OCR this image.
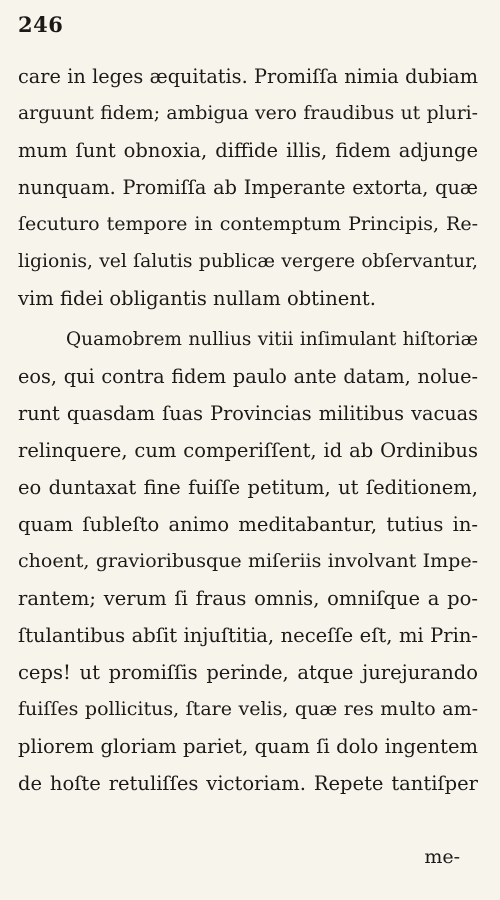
246
care in leges æquitatis. Promiſſa nimia dubiam
arguunt fidem; ambigua vero fraudibus ut pluri-
mum ſunt obnoxia, diffide illis, fidem adjunge
nunquam. Promiſſa ab Imperante extorta, quæ
ſecuturo tempore in contemptum Principis, Re-
ligionis, vel ſalutis publicæ vergere obſervantur,
vim fidei obligantis nullam obtinent.
Quamobrem nullius vitii inſimulant hiſtoriæ
eos, qui contra fidem paulo ante datam, nolue-
runt quasdam ſuas Provincias militibus vacuas
relinquere, cum comperiſſent, id ab Ordinibus
eo duntaxat fine fuiſſe petitum, ut ſeditionem,
quam ſubleſto animo meditabantur, tutius in-
choent, gravioribusque miſeriis involvant Impe-
rantem; verum ſi fraus omnis, omniſque a po-
ſtulantibus abſit injuſtitia, neceſſe eſt, mi Prin-
ceps! ut promiſſis perinde, atque jurejurando
fuiſſes pollicitus, ſtare velis, quæ res multo am-
pliorem gloriam pariet, quam ſi dolo ingentem
de hoſte retuliſſes victoriam. Repete tantiſper
me-
